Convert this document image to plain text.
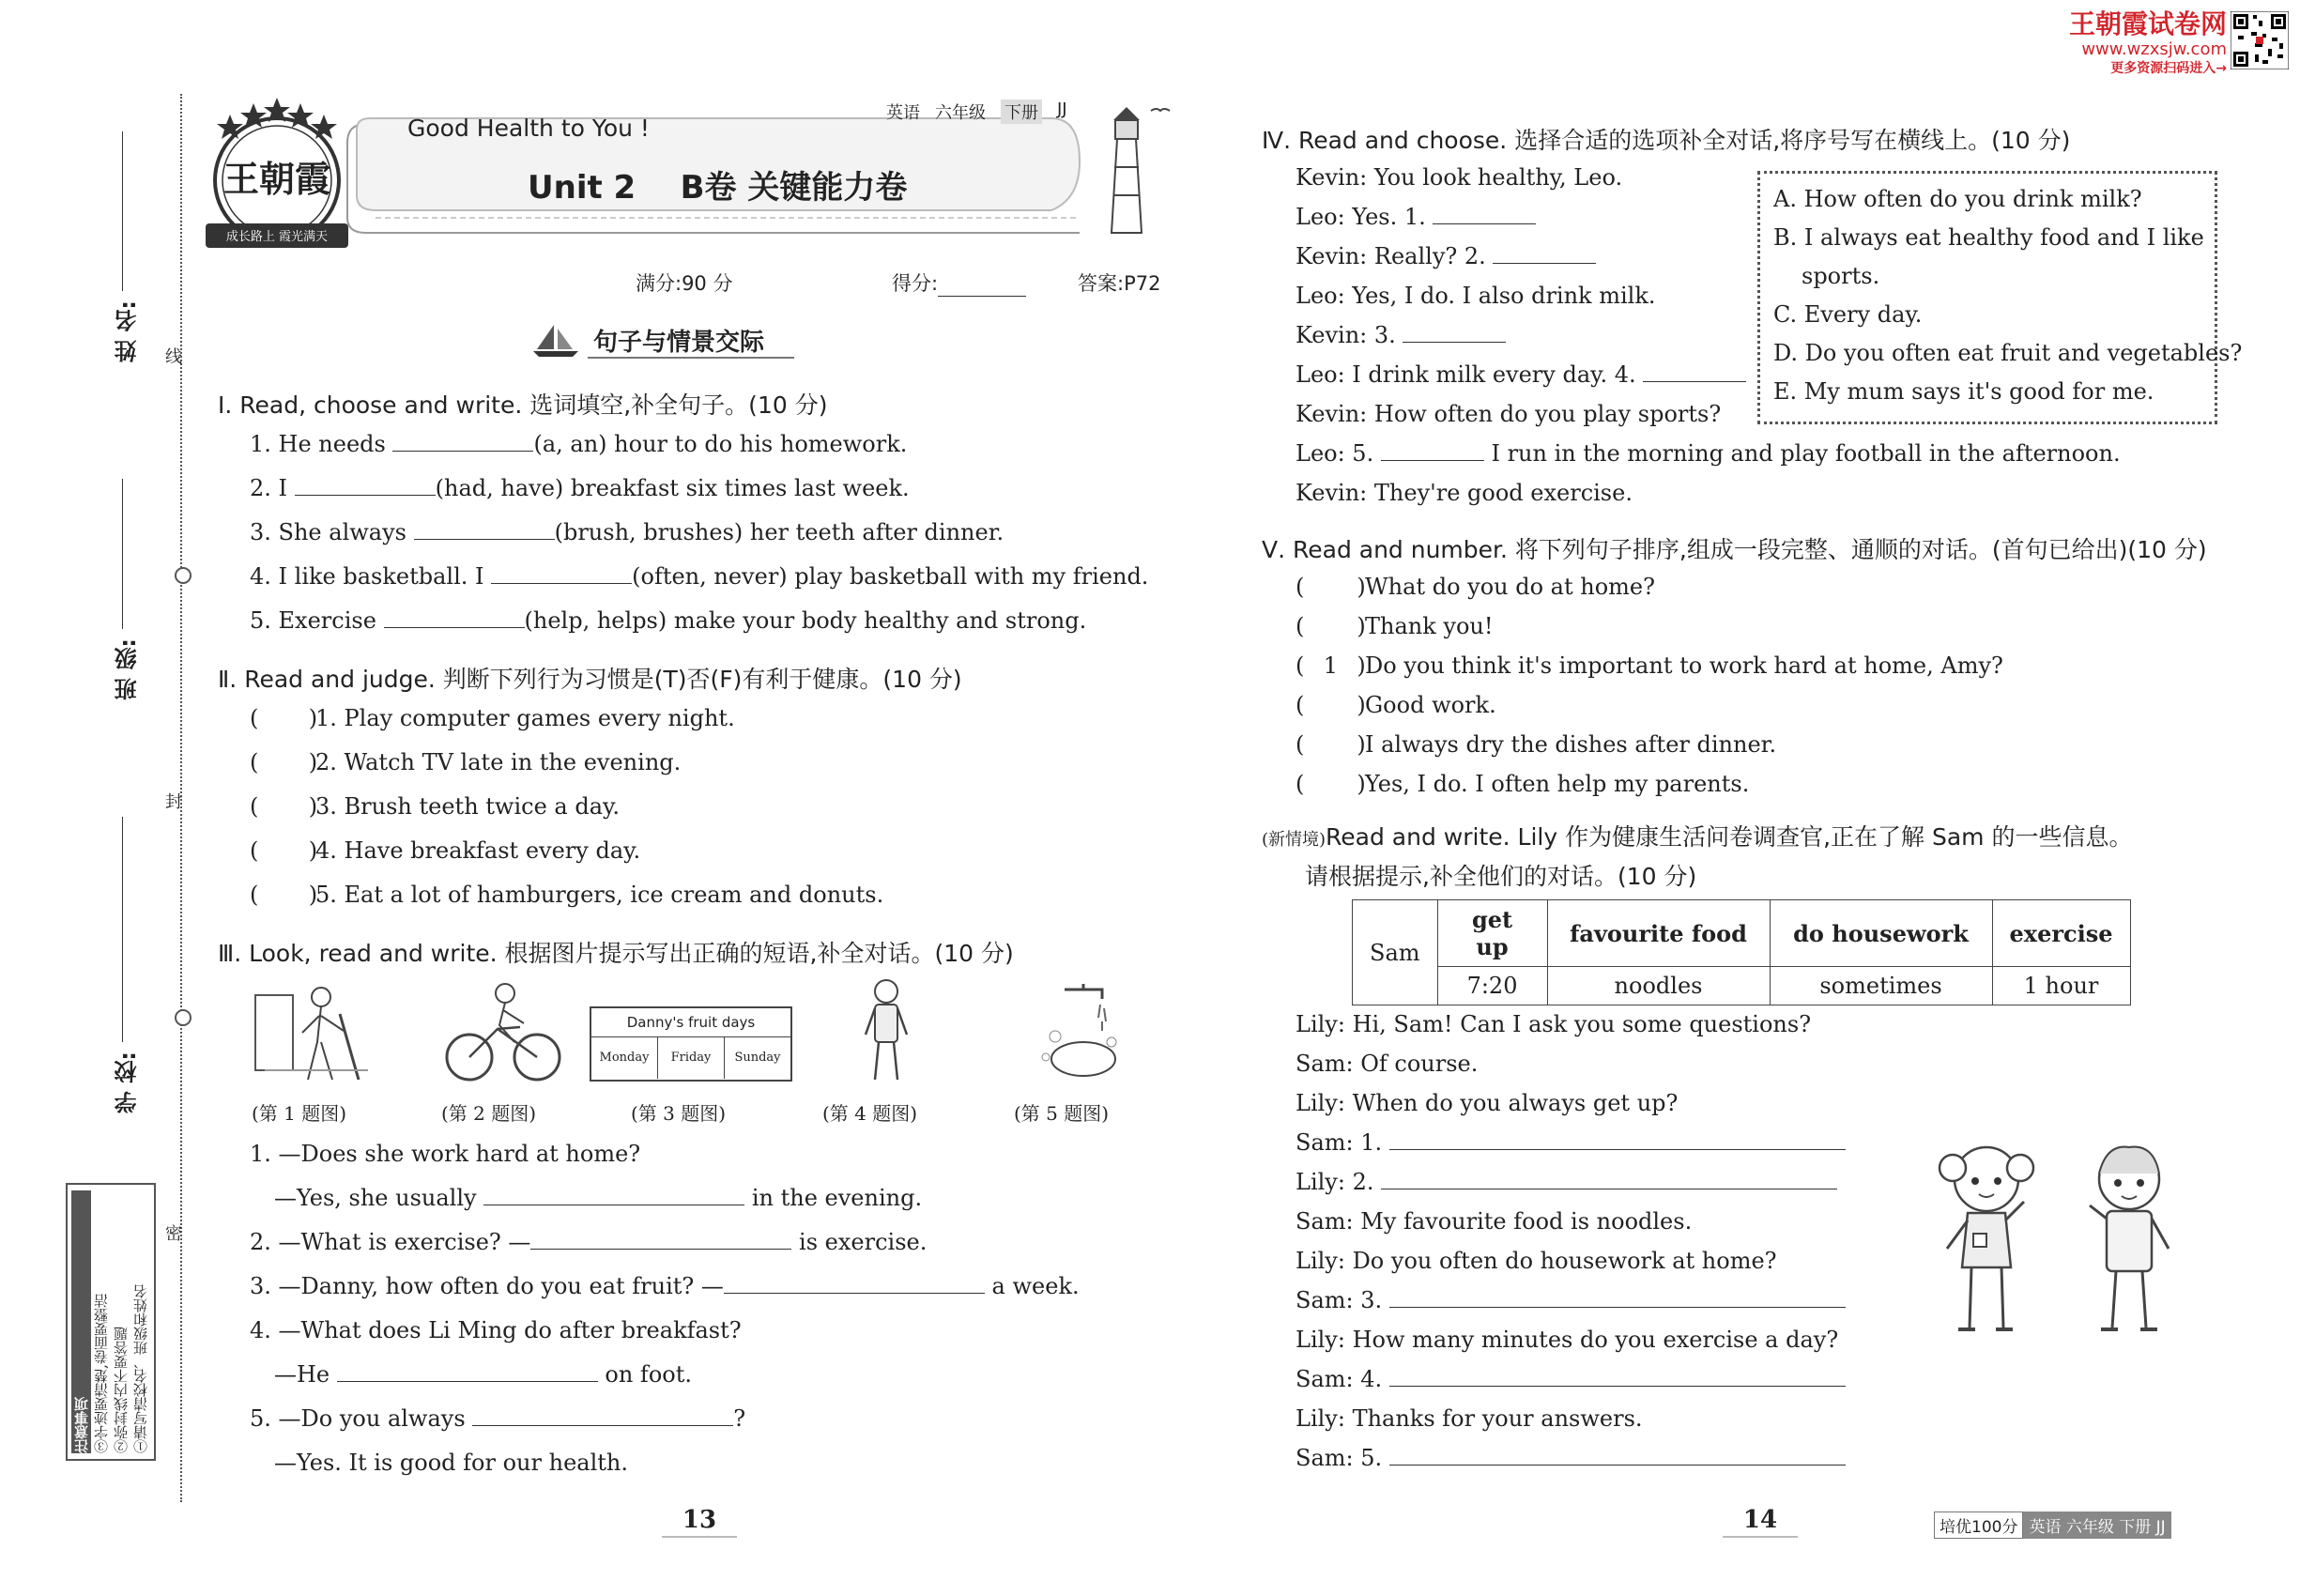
王朝霞试卷网
www.wzxsjw.com
更多资源扫码进入→
线
封
密
姓 名:
班 级:
学 校:
①请写清校名、班级和姓名
②弥封线内不要答题
③字迹要清楚,卷面要整洁
注意事项
王朝霞
成长路上 霞光满天
Good Health to You !
英语 六年级 下册 JJ
Unit 2    B卷 关键能力卷
满分:90 分	得分:	答案:P72
句子与情景交际
Ⅰ. Read, choose and write. 选词填空,补全句子。(10 分)
1. He needs	(a, an) hour to do his homework.
2. I	(had, have) breakfast six times last week.
3. She always	(brush, brushes) her teeth after dinner.
4. I like basketball. I	(often, never) play basketball with my friend.
5. Exercise	(help, helps) make your body healthy and strong.
Ⅱ. Read and judge. 判断下列行为习惯是(T)否(F)有利于健康。(10 分)
(       )1. Play computer games every night.
(       )2. Watch TV late in the evening.
(       )3. Brush teeth twice a day.
(       )4. Have breakfast every day.
(       )5. Eat a lot of hamburgers, ice cream and donuts.
Ⅲ. Look, read and write. 根据图片提示写出正确的短语,补全对话。(10 分)
Danny's fruit days
Monday	Friday	Sunday
(第 1 题图)	(第 2 题图)	(第 3 题图)	(第 4 题图)	(第 5 题图)
1. —Does she work hard at home?
—Yes, she usually	in the evening.
2. —What is exercise? —	is exercise.
3. —Danny, how often do you eat fruit? —	a week.
4. —What does Li Ming do after breakfast?
—He	on foot.
5. —Do you always	?
—Yes. It is good for our health.
13
Ⅳ. Read and choose. 选择合适的选项补全对话,将序号写在横线上。(10 分)
Kevin: You look healthy, Leo.
Leo: Yes. 1.
Kevin: Really? 2.
Leo: Yes, I do. I also drink milk.
Kevin: 3.
Leo: I drink milk every day. 4.
Kevin: How often do you play sports?
Leo: 5.	I run in the morning and play football in the afternoon.
Kevin: They're good exercise.
A. How often do you drink milk?
B. I always eat healthy food and I like
sports.
C. Every day.
D. Do you often eat fruit and vegetables?
E. My mum says it's good for me.
Ⅴ. Read and number. 将下列句子排序,组成一段完整、通顺的对话。(首句已给出)(10 分)
( )What do you do at home?
( )Thank you!
( 1 )Do you think it's important to work hard at home, Amy?
( )Good work.
( )I always dry the dishes after dinner.
( )Yes, I do. I often help my parents.
(新情境)Read and write. Lily 作为健康生活问卷调查官,正在了解 Sam 的一些信息。
请根据提示,补全他们的对话。(10 分)
Sam	get up	favourite food	do housework	exercise
	7:20	noodles	sometimes	1 hour
Lily: Hi, Sam! Can I ask you some questions?
Sam: Of course.
Lily: When do you always get up?
Sam: 1.
Lily: 2.
Sam: My favourite food is noodles.
Lily: Do you often do housework at home?
Sam: 3.
Lily: How many minutes do you exercise a day?
Sam: 4.
Lily: Thanks for your answers.
Sam: 5.
14	培优100分 英语 六年级 下册 JJ
